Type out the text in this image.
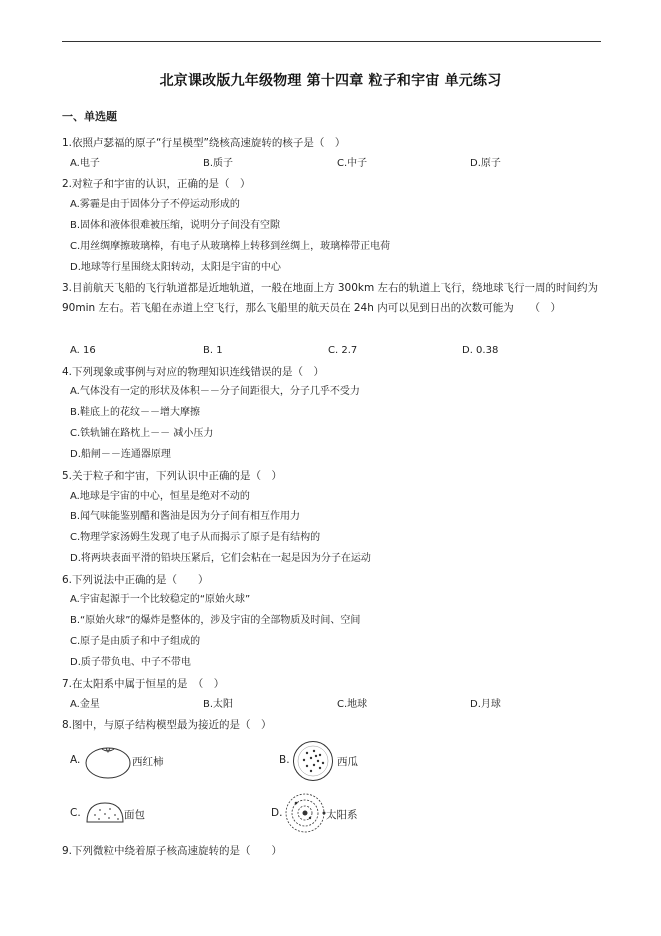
北京课改版九年级物理 第十四章 粒子和宇宙 单元练习
一、单选题
1.依照卢瑟福的原子“行星模型”绕核高速旋转的核子是（　）
A.电子	B.质子	C.中子	D.原子
2.对粒子和宇宙的认识，正确的是（　）
A.雾霾是由于固体分子不停运动形成的
B.固体和液体很难被压缩，说明分子间没有空隙
C.用丝绸摩擦玻璃棒，有电子从玻璃棒上转移到丝绸上，玻璃棒带正电荷
D.地球等行星围绕太阳转动，太阳是宇宙的中心
3.目前航天飞船的飞行轨道都是近地轨道，一般在地面上方 300km 左右的轨道上飞行，绕地球飞行一周的时间约为 90min 左右。若飞船在赤道上空飞行，那么飞船里的航天员在 24h 内可以见到日出的次数可能为　　（　）
A. 16	B. 1	C. 2.7	D. 0.38
4.下列现象或事例与对应的物理知识连线错误的是（　）
A.气体没有一定的形状及体积－－分子间距很大，分子几乎不受力
B.鞋底上的花纹－－增大摩擦
C.铁轨铺在路枕上－－ 减小压力
D.船闸－－连通器原理
5.关于粒子和宇宙，下列认识中正确的是（　）
A.地球是宇宙的中心，恒星是绝对不动的
B.闻气味能鉴别醋和酱油是因为分子间有相互作用力
C.物理学家汤姆生发现了电子从而揭示了原子是有结构的
D.将两块表面平滑的铅块压紧后，它们会粘在一起是因为分子在运动
6.下列说法中正确的是（　　）
A.宇宙起源于一个比较稳定的“原始火球”
B.“原始火球”的爆炸是整体的，涉及宇宙的全部物质及时间、空间
C.原子是由质子和中子组成的
D.质子带负电、中子不带电
7.在太阳系中属于恒星的是　（　）
A.金星	B.太阳	C.地球	D.月球
8.图中，与原子结构模型最为接近的是（　）
A.	西红柿	B.	西瓜
C.	面包	D.	太阳系
9.下列微粒中绕着原子核高速旋转的是（　　）
